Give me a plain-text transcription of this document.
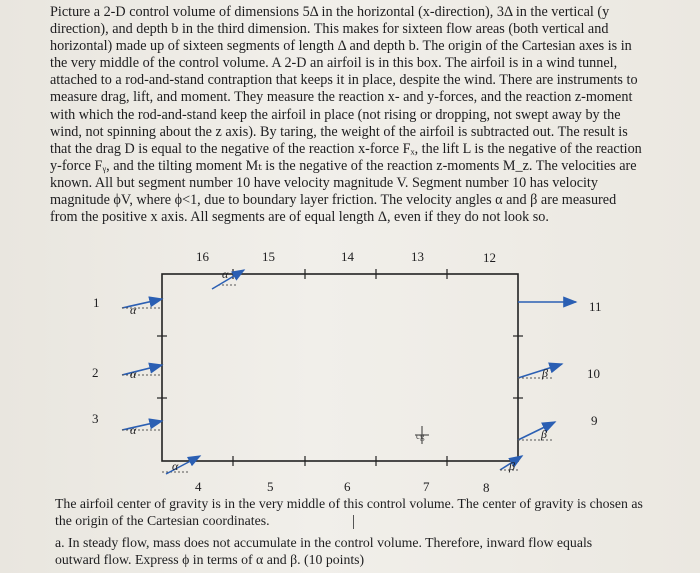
Picture a 2-D control volume of dimensions 5Δ in the horizontal (x-direction), 3Δ in the vertical (y direction), and depth b in the third dimension. This makes for sixteen flow areas (both vertical and horizontal) made up of sixteen segments of length Δ and depth b. The origin of the Cartesian axes is in the very middle of the control volume. A 2-D an airfoil is in this box. The airfoil is in a wind tunnel, attached to a rod-and-stand contraption that keeps it in place, despite the wind. There are instruments to measure drag, lift, and moment. They measure the reaction x- and y-forces, and the reaction z-moment with which the rod-and-stand keep the airfoil in place (not rising or dropping, not swept away by the wind, not spinning about the z axis). By taring, the weight of the airfoil is subtracted out. The result is that the drag D is equal to the negative of the reaction x-force Fₓ, the lift L is the negative of the reaction y-force Fᵧ, and the tilting moment Mₜ is the negative of the reaction z-moments M_z. The velocities are known. All but segment number 10 have velocity magnitude V. Segment number 10 has velocity magnitude ϕV, where ϕ<1, due to boundary layer friction. The velocity angles α and β are measured from the positive x axis. All segments are of equal length Δ, even if they do not look so.

16	15	14	13	12
1
2
3
11
10
9
4	5	6	7	8
α
α
α
α
α
β
β
β
cg

The airfoil center of gravity is in the very middle of this control volume. The center of gravity is chosen as the origin of the Cartesian coordinates.

a. In steady flow, mass does not accumulate in the control volume. Therefore, inward flow equals outward flow. Express ϕ in terms of α and β. (10 points)
